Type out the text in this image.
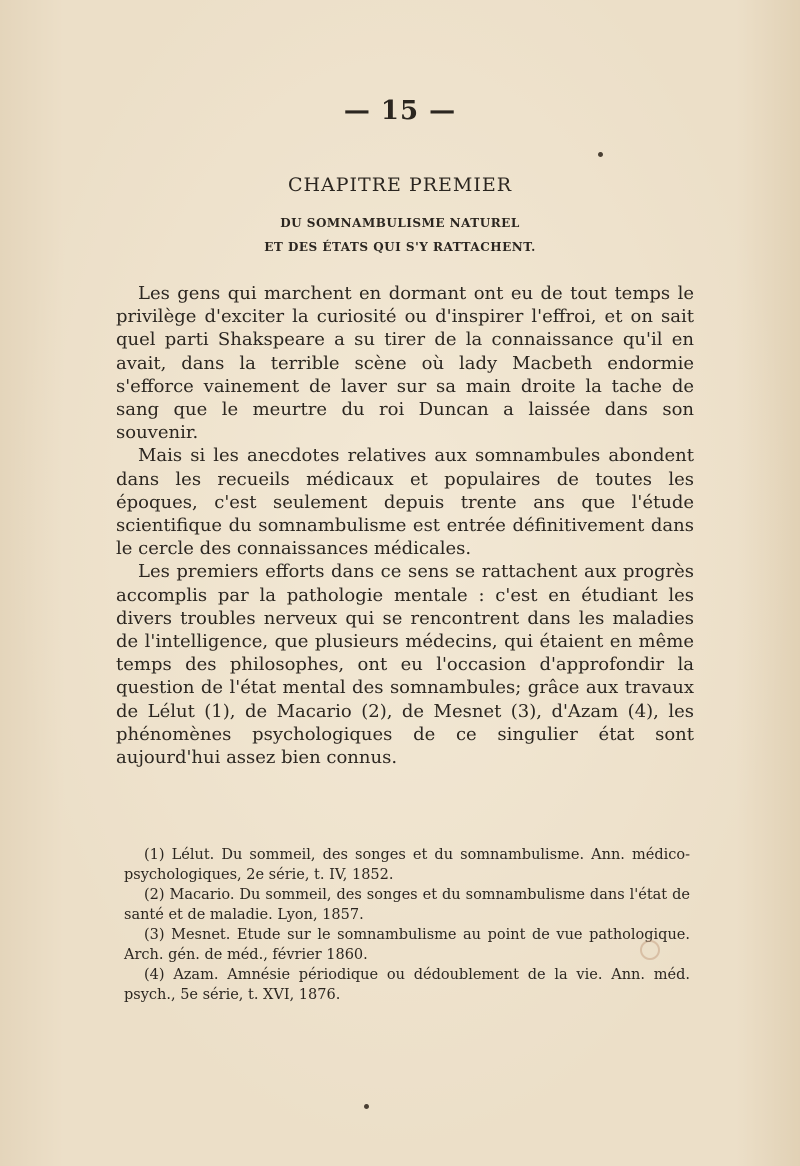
— 15 —
CHAPITRE PREMIER
DU SOMNAMBULISME NATUREL
ET DES ÉTATS QUI S'Y RATTACHENT.

Les gens qui marchent en dormant ont eu de tout temps le privilège d'exciter la curiosité ou d'inspirer l'effroi, et on sait quel parti Shakspeare a su tirer de la connaissance qu'il en avait, dans la terrible scène où lady Macbeth endormie s'efforce vainement de laver sur sa main droite la tache de sang que le meurtre du roi Duncan a laissée dans son souvenir.

Mais si les anecdotes relatives aux somnambules abondent dans les recueils médicaux et populaires de toutes les époques, c'est seulement depuis trente ans que l'étude scientifique du somnambulisme est entrée définitivement dans le cercle des connaissances médicales.

Les premiers efforts dans ce sens se rattachent aux progrès accomplis par la pathologie mentale : c'est en étudiant les divers troubles nerveux qui se rencontrent dans les maladies de l'intelligence, que plusieurs médecins, qui étaient en même temps des philosophes, ont eu l'occasion d'approfondir la question de l'état mental des somnambules; grâce aux travaux de Lélut (1), de Macario (2), de Mesnet (3), d'Azam (4), les phénomènes psychologiques de ce singulier état sont aujourd'hui assez bien connus.

(1) Lélut. Du sommeil, des songes et du somnambulisme. Ann. médico-psychologiques, 2e série, t. IV, 1852.

(2) Macario. Du sommeil, des songes et du somnambulisme dans l'état de santé et de maladie. Lyon, 1857.

(3) Mesnet. Etude sur le somnambulisme au point de vue pathologique. Arch. gén. de méd., février 1860.

(4) Azam. Amnésie périodique ou dédoublement de la vie. Ann. méd. psych., 5e série, t. XVI, 1876.
